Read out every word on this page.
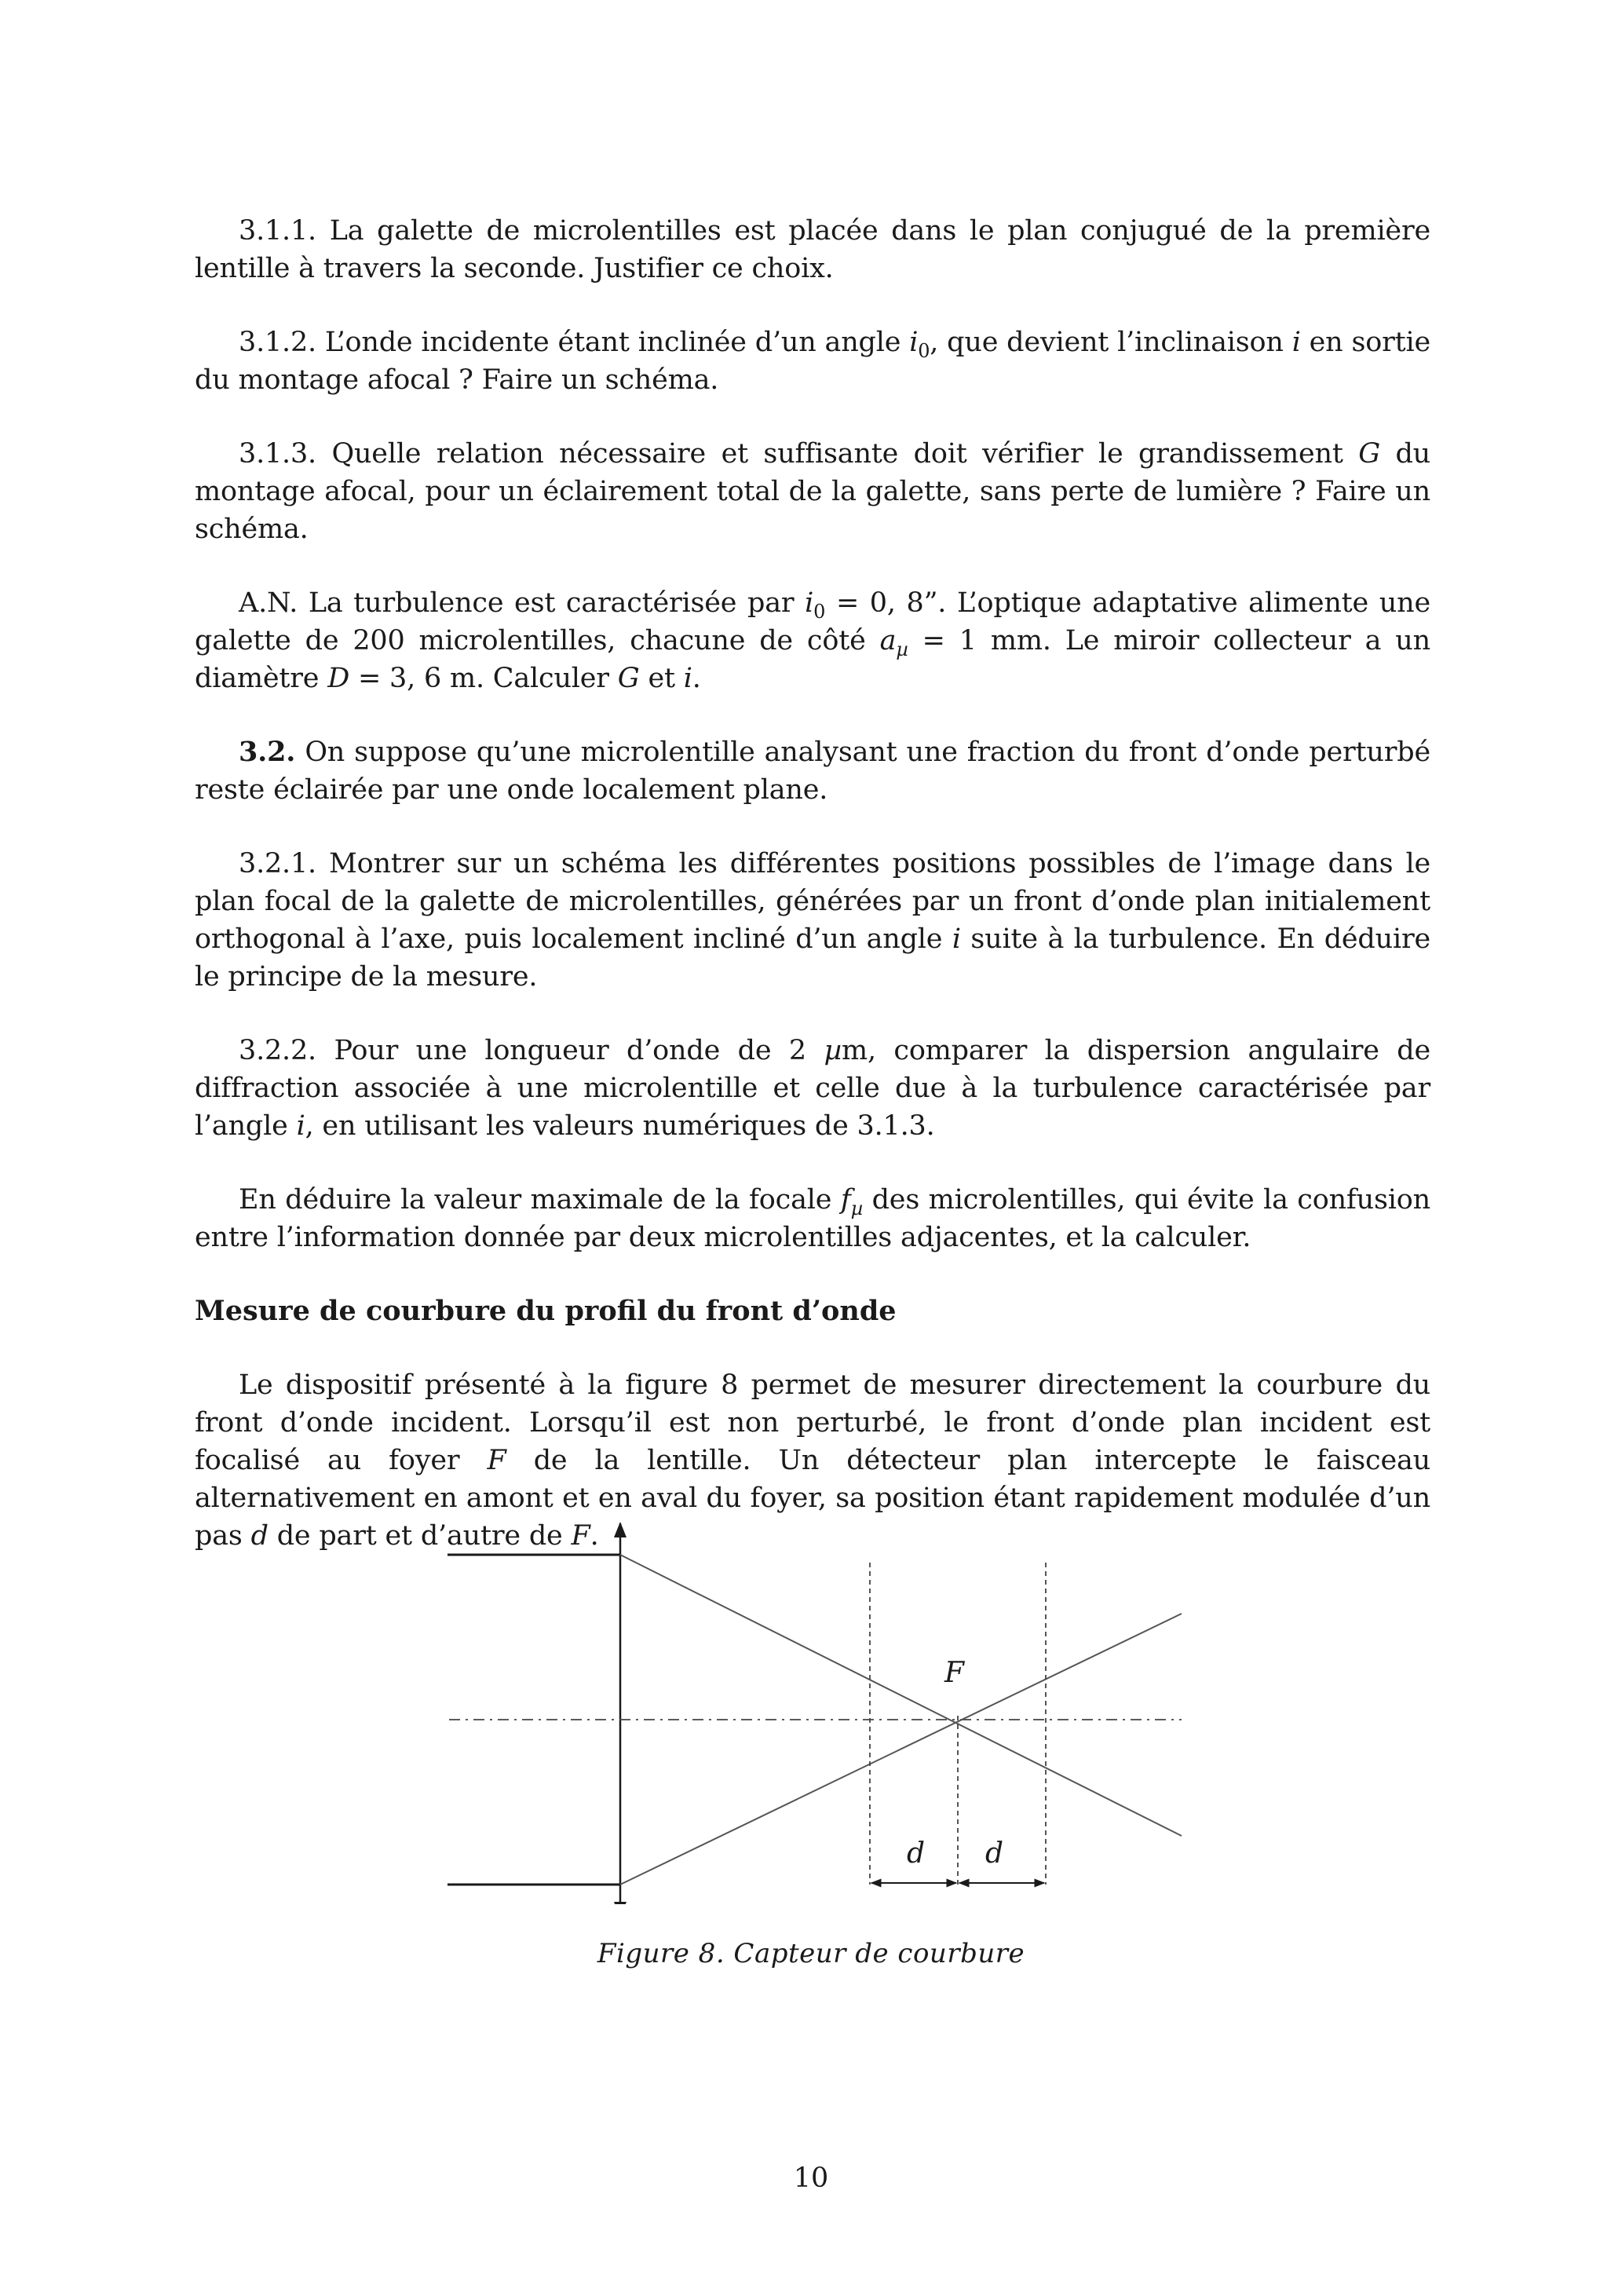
3.1.1. La galette de microlentilles est placée dans le plan conjugué de la première lentille à travers la seconde. Justifier ce choix.

3.1.2. L’onde incidente étant inclinée d’un angle $i_0$, que devient l’inclinaison i en sortie du montage afocal ? Faire un schéma.

3.1.3. Quelle relation nécessaire et suffisante doit vérifier le grandissement G du montage afocal, pour un éclairement total de la galette, sans perte de lumière ? Faire un schéma.

A.N. La turbulence est caractérisée par $i_0 = 0$, 8”. L’optique adaptative alimente une galette de 200 microlentilles, chacune de côté $a_\mu = 1$ mm. Le miroir collecteur a un diamètre D = 3, 6 m. Calculer G et i.

3.2. On suppose qu’une microlentille analysant une fraction du front d’onde perturbé reste éclairée par une onde localement plane.

3.2.1. Montrer sur un schéma les différentes positions possibles de l’image dans le plan focal de la galette de microlentilles, générées par un front d’onde plan initialement orthogonal à l’axe, puis localement incliné d’un angle i suite à la turbulence. En déduire le principe de la mesure.

3.2.2. Pour une longueur d’onde de 2 µm, comparer la dispersion angulaire de diffraction associée à une microlentille et celle due à la turbulence caractérisée par l’angle i, en utilisant les valeurs numériques de 3.1.3.

En déduire la valeur maximale de la focale $f_\mu$ des microlentilles, qui évite la confusion entre l’information donnée par deux microlentilles adjacentes, et la calculer.

Mesure de courbure du profil du front d’onde

Le dispositif présenté à la figure 8 permet de mesurer directement la courbure du front d’onde incident. Lorsqu’il est non perturbé, le front d’onde plan incident est focalisé au foyer F de la lentille. Un détecteur plan intercepte le faisceau alternativement en amont et en aval du foyer, sa position étant rapidement modulée d’un pas d de part et d’autre de F.

F
d d
Figure 8. Capteur de courbure
10
